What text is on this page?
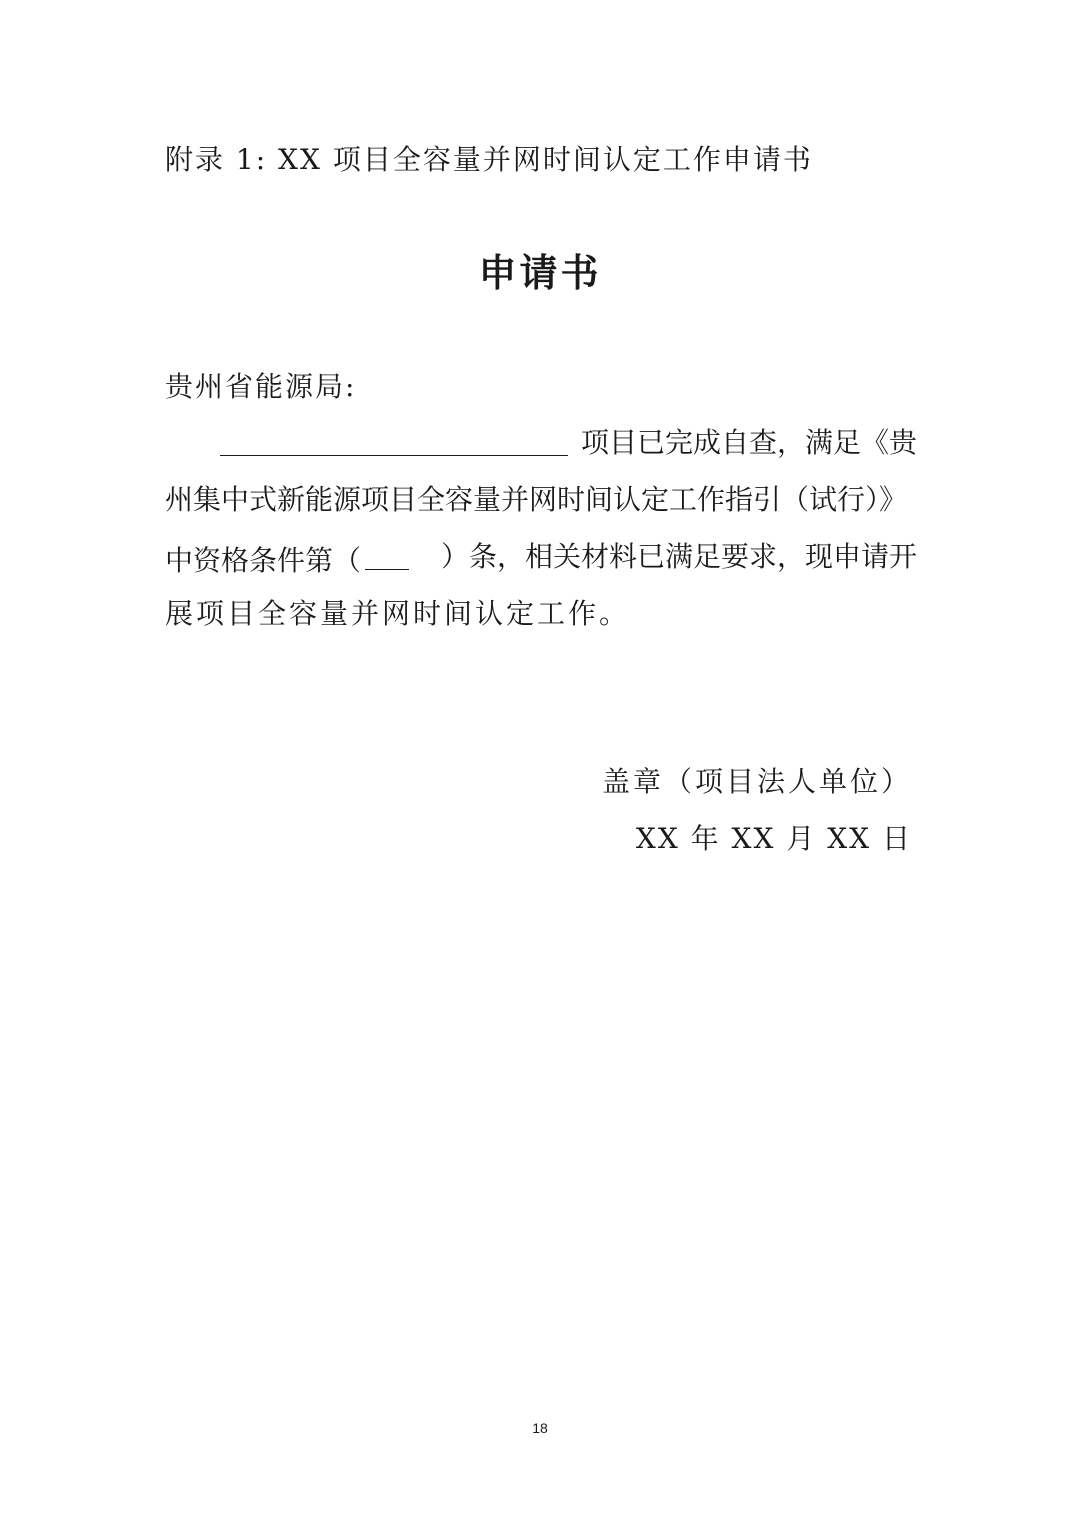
附录 1: XX 项目全容量并网时间认定工作申请书
申请书
贵州省能源局:
项目已完成自查，满足《贵
州集中式新能源项目全容量并网时间认定工作指引（试行）》
中资格条件第（	）条，相关材料已满足要求，现申请开
展项目全容量并网时间认定工作。
盖章（项目法人单位）
XX 年 XX 月 XX 日
18
